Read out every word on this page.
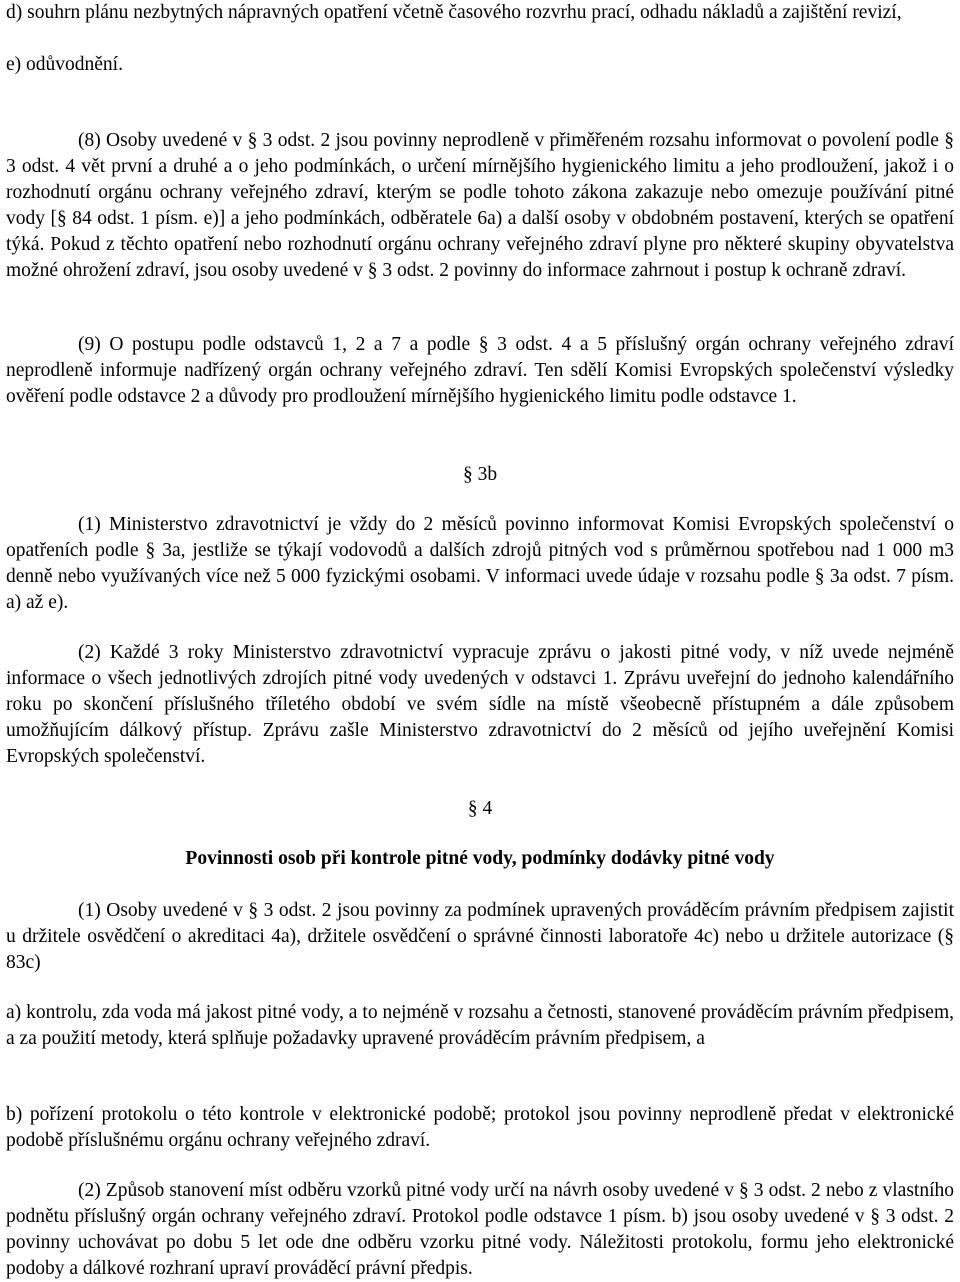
d) souhrn plánu nezbytných nápravných opatření včetně časového rozvrhu prací, odhadu nákladů a zajištění revizí,

e) odůvodnění.

(8) Osoby uvedené v § 3 odst. 2 jsou povinny neprodleně v přiměřeném rozsahu informovat o povolení podle § 3 odst. 4 vět první a druhé a o jeho podmínkách, o určení mírnějšího hygienického limitu a jeho prodloužení, jakož i o rozhodnutí orgánu ochrany veřejného zdraví, kterým se podle tohoto zákona zakazuje nebo omezuje používání pitné vody [§ 84 odst. 1 písm. e)] a jeho podmínkách, odběratele 6a) a další osoby v obdobném postavení, kterých se opatření týká. Pokud z těchto opatření nebo rozhodnutí orgánu ochrany veřejného zdraví plyne pro některé skupiny obyvatelstva možné ohrožení zdraví, jsou osoby uvedené v § 3 odst. 2 povinny do informace zahrnout i postup k ochraně zdraví.

(9) O postupu podle odstavců 1, 2 a 7 a podle § 3 odst. 4 a 5 příslušný orgán ochrany veřejného zdraví neprodleně informuje nadřízený orgán ochrany veřejného zdraví. Ten sdělí Komisi Evropských společenství výsledky ověření podle odstavce 2 a důvody pro prodloužení mírnějšího hygienického limitu podle odstavce 1.

§ 3b

(1) Ministerstvo zdravotnictví je vždy do 2 měsíců povinno informovat Komisi Evropských společenství o opatřeních podle § 3a, jestliže se týkají vodovodů a dalších zdrojů pitných vod s průměrnou spotřebou nad 1 000 m3 denně nebo využívaných více než 5 000 fyzickými osobami. V informaci uvede údaje v rozsahu podle § 3a odst. 7 písm. a) až e).

(2) Každé 3 roky Ministerstvo zdravotnictví vypracuje zprávu o jakosti pitné vody, v níž uvede nejméně informace o všech jednotlivých zdrojích pitné vody uvedených v odstavci 1. Zprávu uveřejní do jednoho kalendářního roku po skončení příslušného tříletého období ve svém sídle na místě všeobecně přístupném a dále způsobem umožňujícím dálkový přístup. Zprávu zašle Ministerstvo zdravotnictví do 2 měsíců od jejího uveřejnění Komisi Evropských společenství.

§ 4

Povinnosti osob při kontrole pitné vody, podmínky dodávky pitné vody

(1) Osoby uvedené v § 3 odst. 2 jsou povinny za podmínek upravených prováděcím právním předpisem zajistit u držitele osvědčení o akreditaci 4a), držitele osvědčení o správné činnosti laboratoře 4c) nebo u držitele autorizace (§ 83c)

a) kontrolu, zda voda má jakost pitné vody, a to nejméně v rozsahu a četnosti, stanovené prováděcím právním předpisem, a za použití metody, která splňuje požadavky upravené prováděcím právním předpisem, a

b) pořízení protokolu o této kontrole v elektronické podobě; protokol jsou povinny neprodleně předat v elektronické podobě příslušnému orgánu ochrany veřejného zdraví.

(2) Způsob stanovení míst odběru vzorků pitné vody určí na návrh osoby uvedené v § 3 odst. 2 nebo z vlastního podnětu příslušný orgán ochrany veřejného zdraví. Protokol podle odstavce 1 písm. b) jsou osoby uvedené v § 3 odst. 2 povinny uchovávat po dobu 5 let ode dne odběru vzorku pitné vody. Náležitosti protokolu, formu jeho elektronické podoby a dálkové rozhraní upraví prováděcí právní předpis.
